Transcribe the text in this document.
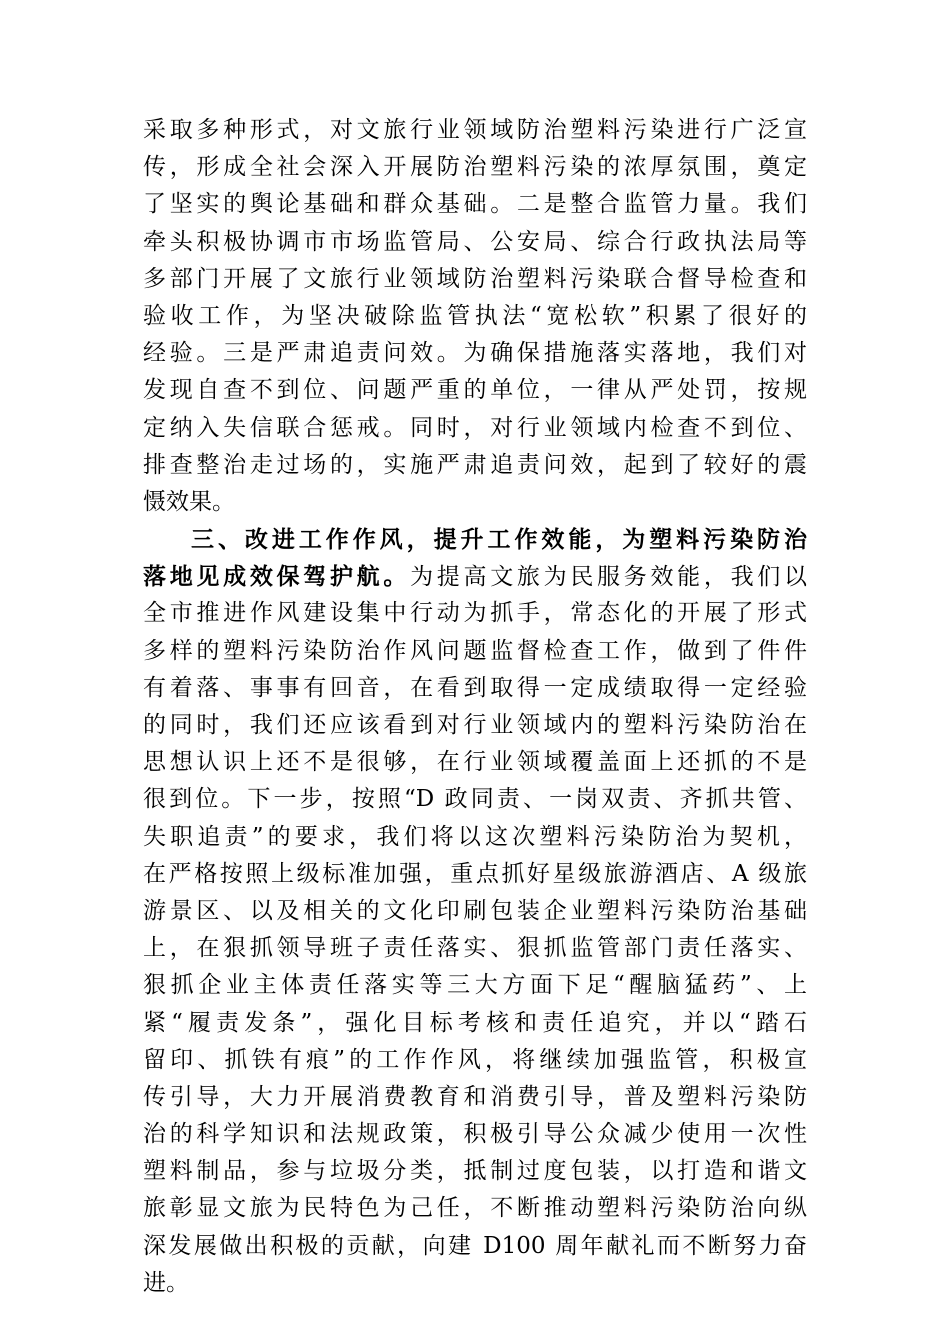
采取多种形式，对文旅行业领域防治塑料污染进行广泛宣
传，形成全社会深入开展防治塑料污染的浓厚氛围，奠定
了坚实的舆论基础和群众基础。二是整合监管力量。我们
牵头积极协调市市场监管局、公安局、综合行政执法局等
多部门开展了文旅行业领域防治塑料污染联合督导检查和
验收工作，为坚决破除监管执法“宽松软”积累了很好的
经验。三是严肃追责问效。为确保措施落实落地，我们对
发现自查不到位、问题严重的单位，一律从严处罚，按规
定纳入失信联合惩戒。同时，对行业领域内检查不到位、
排查整治走过场的，实施严肃追责问效，起到了较好的震
慑效果。
三、改进工作作风，提升工作效能，为塑料污染防治
落地见成效保驾护航。为提高文旅为民服务效能，我们以
全市推进作风建设集中行动为抓手，常态化的开展了形式
多样的塑料污染防治作风问题监督检查工作，做到了件件
有着落、事事有回音，在看到取得一定成绩取得一定经验
的同时，我们还应该看到对行业领域内的塑料污染防治在
思想认识上还不是很够，在行业领域覆盖面上还抓的不是
很到位。下一步，按照“D 政同责、一岗双责、齐抓共管、
失职追责”的要求，我们将以这次塑料污染防治为契机，
在严格按照上级标准加强，重点抓好星级旅游酒店、A 级旅
游景区、以及相关的文化印刷包装企业塑料污染防治基础
上，在狠抓领导班子责任落实、狠抓监管部门责任落实、
狠抓企业主体责任落实等三大方面下足“醒脑猛药”、上
紧“履责发条”，强化目标考核和责任追究，并以“踏石
留印、抓铁有痕”的工作作风，将继续加强监管，积极宣
传引导，大力开展消费教育和消费引导，普及塑料污染防
治的科学知识和法规政策，积极引导公众减少使用一次性
塑料制品，参与垃圾分类，抵制过度包装，以打造和谐文
旅彰显文旅为民特色为己任，不断推动塑料污染防治向纵
深发展做出积极的贡献，向建 D100 周年献礼而不断努力奋
进。
